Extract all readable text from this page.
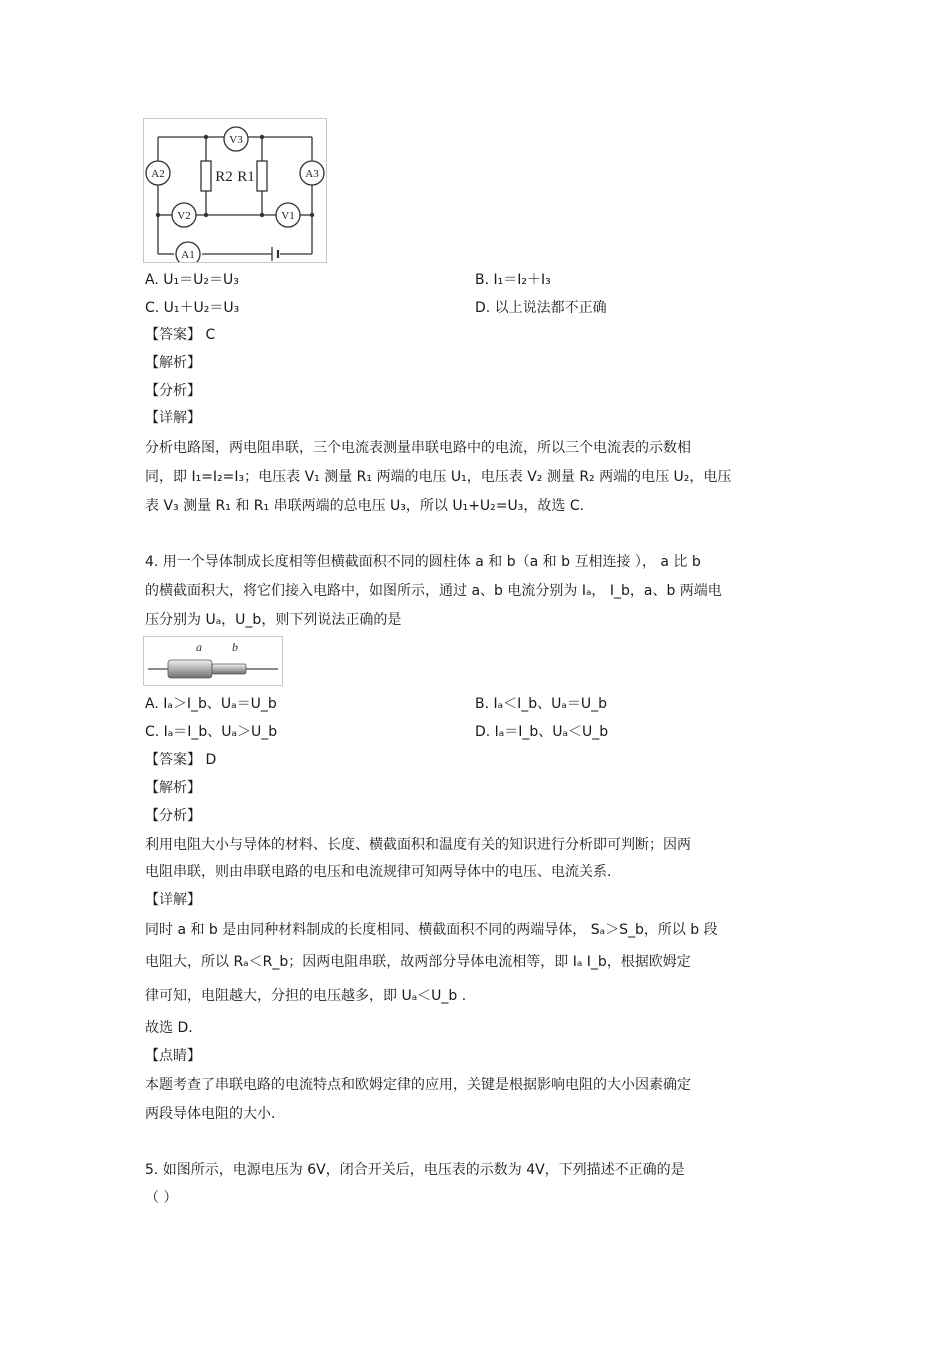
V3
A2	A3
V2	V1
A1
R2 R1
A. U₁＝U₂＝U₃	B. I₁＝I₂＋I₃
C. U₁＋U₂＝U₃	D. 以上说法都不正确
【答案】 C
【解析】
【分析】
【详解】
分析电路图，两电阻串联，三个电流表测量串联电路中的电流，所以三个电流表的示数相
同，即 I₁=I₂=I₃；电压表 V₁ 测量 R₁ 两端的电压 U₁，电压表 V₂ 测量 R₂ 两端的电压 U₂，电压
表 V₃ 测量 R₁ 和 R₁ 串联两端的总电压 U₃，所以 U₁+U₂=U₃，故选 C.
4. 用一个导体制成长度相等但横截面积不同的圆柱体 a 和 b（a 和 b 互相连接 ）， a 比 b
的横截面积大，将它们接入电路中，如图所示，通过 a、b 电流分别为 Iₐ， I_b，a、b 两端电
压分别为 Uₐ，U_b，则下列说法正确的是
a	b
A. Iₐ＞I_b、Uₐ＝U_b	B. Iₐ＜I_b、Uₐ＝U_b
C. Iₐ＝I_b、Uₐ＞U_b	D. Iₐ＝I_b、Uₐ＜U_b
【答案】 D
【解析】
【分析】
利用电阻大小与导体的材料、长度、横截面积和温度有关的知识进行分析即可判断；因两
电阻串联，则由串联电路的电压和电流规律可知两导体中的电压、电流关系.
【详解】
同时 a 和 b 是由同种材料制成的长度相同、横截面积不同的两端导体， Sₐ＞S_b，所以 b 段
电阻大，所以 Rₐ＜R_b；因两电阻串联，故两部分导体电流相等，即 Iₐ I_b，根据欧姆定
律可知，电阻越大，分担的电压越多，即 Uₐ＜U_b .
故选 D.
【点睛】
本题考查了串联电路的电流特点和欧姆定律的应用，关键是根据影响电阻的大小因素确定
两段导体电阻的大小.
5. 如图所示，电源电压为 6V，闭合开关后，电压表的示数为 4V，下列描述不正确的是
（ ）
